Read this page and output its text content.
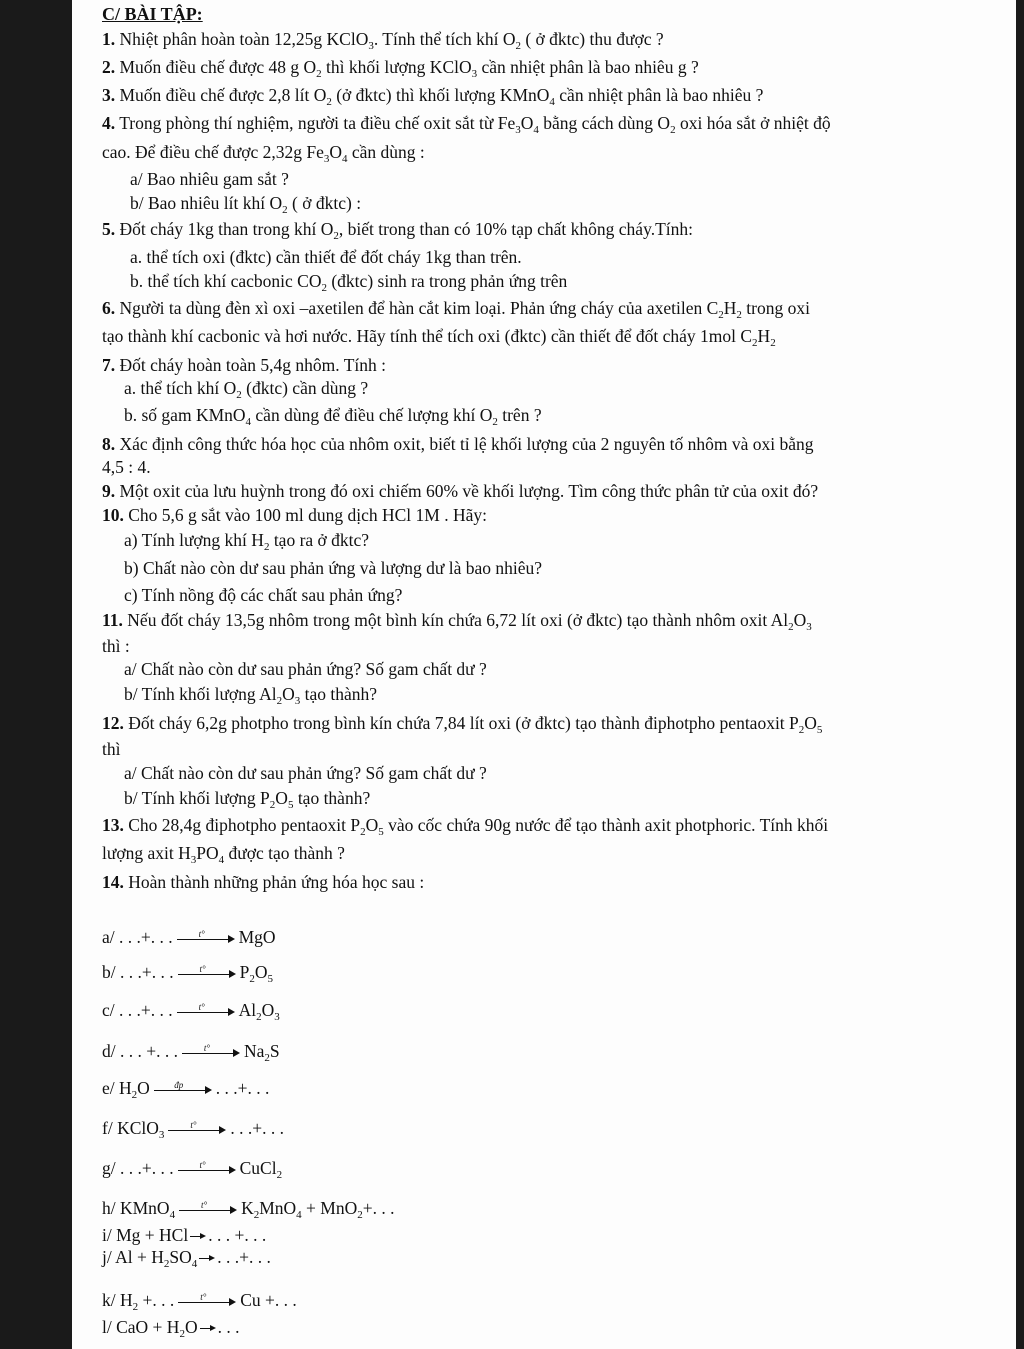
C/ BÀI TẬP:
1. Nhiệt phân hoàn toàn 12,25g KClO$_3$. Tính thể tích khí $O_2$ ( ở đktc) thu được ?
2. Muốn điều chế được 48 g $O_2$ thì khối lượng KClO$_3$ cần nhiệt phân là bao nhiêu g ?
3. Muốn điều chế được 2,8 lít $O_2$ (ở đktc) thì khối lượng KMnO$_4$ cần nhiệt phân là bao nhiêu ?
4. Trong phòng thí nghiệm, người ta điều chế oxit sắt từ $Fe_3O_4$ bằng cách dùng $O_2$ oxi hóa sắt ở nhiệt độ
cao. Để điều chế được 2,32g $Fe_3O_4$ cần dùng :
a/ Bao nhiêu gam sắt ?
b/ Bao nhiêu lít khí $O_2$ ( ở đktc) :
5. Đốt cháy 1kg than trong khí $O_2$, biết trong than có 10% tạp chất không cháy.Tính:
a. thể tích oxi (đktc) cần thiết để đốt cháy 1kg than trên.
b. thể tích khí cacbonic $CO_2$ (đktc) sinh ra trong phản ứng trên
6. Người ta dùng đèn xì oxi –axetilen để hàn cắt kim loại. Phản ứng cháy của axetilen $C_2H_2$ trong oxi
tạo thành khí cacbonic và hơi nước. Hãy tính thể tích oxi (đktc) cần thiết để đốt cháy 1mol $C_2H_2$
7. Đốt cháy hoàn toàn 5,4g nhôm. Tính :
a. thể tích khí $O_2$ (đktc) cần dùng ?
b. số gam KMnO$_4$ cần dùng để điều chế lượng khí $O_2$ trên ?
8. Xác định công thức hóa học của nhôm oxit, biết tỉ lệ khối lượng của 2 nguyên tố nhôm và oxi bằng
4,5 : 4.
9. Một oxit của lưu huỳnh trong đó oxi chiếm 60% về khối lượng. Tìm công thức phân tử của oxit đó?
10. Cho 5,6 g sắt vào 100 ml dung dịch HCl 1M . Hãy:
a) Tính lượng khí $H_2$ tạo ra ở đktc?
b) Chất nào còn dư sau phản ứng và lượng dư là bao nhiêu?
c) Tính nồng độ các chất sau phản ứng?
11. Nếu đốt cháy 13,5g nhôm trong một bình kín chứa 6,72 lít oxi (ở đktc) tạo thành nhôm oxit $Al_2O_3$
thì :
a/ Chất nào còn dư sau phản ứng? Số gam chất dư ?
b/ Tính khối lượng $Al_2O_3$ tạo thành?
12. Đốt cháy 6,2g photpho trong bình kín chứa 7,84 lít oxi (ở đktc) tạo thành điphotpho pentaoxit $P_2O_5$
thì
a/ Chất nào còn dư sau phản ứng? Số gam chất dư ?
b/ Tính khối lượng $P_2O_5$ tạo thành?
13. Cho 28,4g điphotpho pentaoxit $P_2O_5$ vào cốc chứa 90g nước để tạo thành axit photphoric. Tính khối
lượng axit $H_3PO_4$ được tạo thành ?
14. Hoàn thành những phản ứng hóa học sau :
a/ . . .+. . .	t°	MgO
b/ . . .+. . .	t°	$P_2O_5$
c/ . . .+. . .	t°	$Al_2O_3$
d/ . . . +. . .	t°	$Na_2S$
e/ $H_2O$	đp	. . .+. . .
f/ KClO$_3$
t°	. . .+. . .
g/ . . .+. . .	t°	CuCl$_2$
h/ KMnO$_4$
t°	$K_2MnO_4 + MnO_2+$. . .
i/ Mg + HCl . . . +. . .
j/ $Al + H_2SO_4$ . . .+. . .
k/ $H_2$ +. . .	t°	Cu +. . .
l/ CaO + $H_2O$ . . .
